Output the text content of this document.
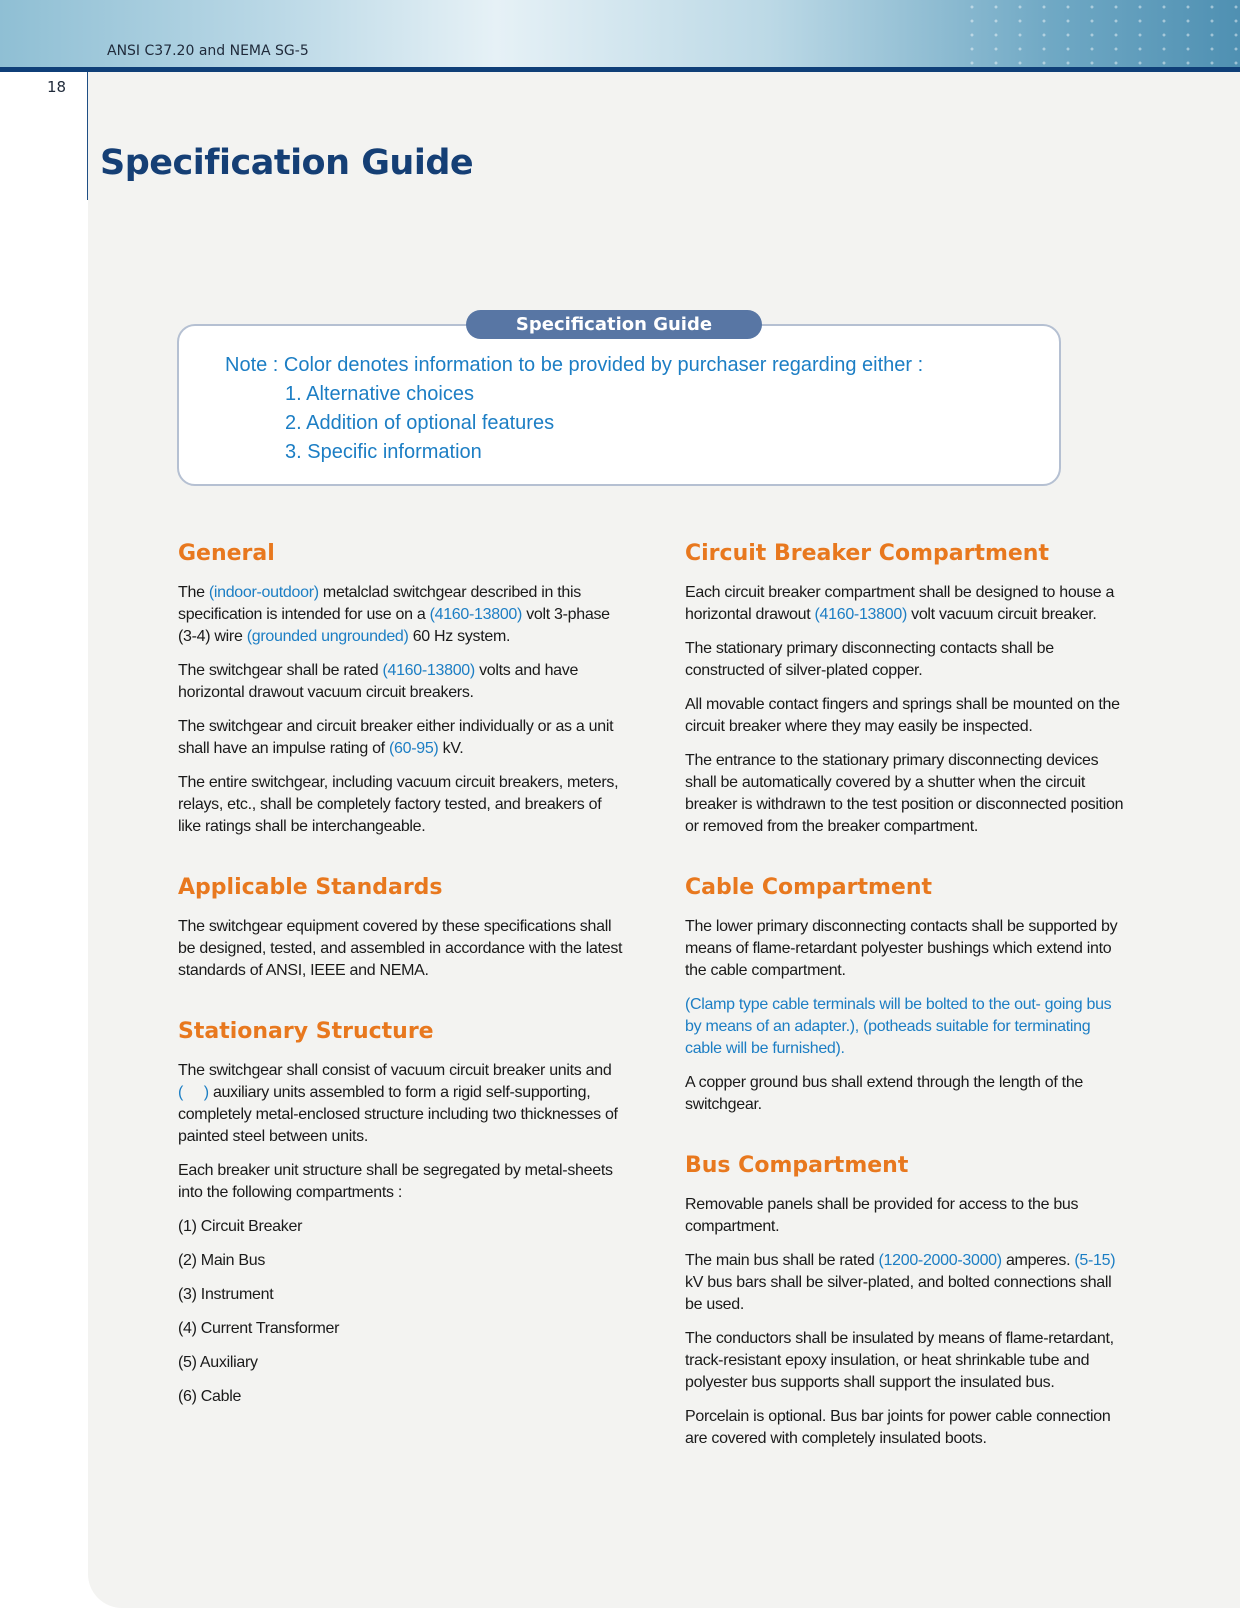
ANSI C37.20 and NEMA SG-5
18
Specification Guide
Specification Guide
Note : Color denotes information to be provided by purchaser regarding either :
1. Alternative choices
2. Addition of optional features
3. Specific information
General

The (indoor-outdoor) metalclad switchgear described in this specification is intended for use on a (4160-13800) volt 3-phase (3-4) wire (grounded ungrounded) 60 Hz system.

The switchgear shall be rated (4160-13800) volts and have horizontal drawout vacuum circuit breakers.

The switchgear and circuit breaker either individually or as a unit shall have an impulse rating of (60-95) kV.

The entire switchgear, including vacuum circuit breakers, meters, relays, etc., shall be completely factory tested, and breakers of like ratings shall be interchangeable.

Applicable Standards

The switchgear equipment covered by these specifications shall be designed, tested, and assembled in accordance with the latest standards of ANSI, IEEE and NEMA.

Stationary Structure

The switchgear shall consist of vacuum circuit breaker units and (     ) auxiliary units assembled to form a rigid self-supporting, completely metal-enclosed structure including two thicknesses of painted steel between units.

Each breaker unit structure shall be segregated by metal-sheets into the following compartments :

(1) Circuit Breaker

(2) Main Bus

(3) Instrument

(4) Current Transformer

(5) Auxiliary

(6) Cable

Circuit Breaker Compartment

Each circuit breaker compartment shall be designed to house a horizontal drawout (4160-13800) volt vacuum circuit breaker.

The stationary primary disconnecting contacts shall be constructed of silver-plated copper.

All movable contact fingers and springs shall be mounted on the circuit breaker where they may easily be inspected.

The entrance to the stationary primary disconnecting devices shall be automatically covered by a shutter when the circuit breaker is withdrawn to the test position or disconnected position or removed from the breaker compartment.

Cable Compartment

The lower primary disconnecting contacts shall be supported by means of flame-retardant polyester bushings which extend into the cable compartment.

(Clamp type cable terminals will be bolted to the out- going bus by means of an adapter.), (potheads suitable for terminating cable will be furnished).

A copper ground bus shall extend through the length of the switchgear.

Bus Compartment

Removable panels shall be provided for access to the bus compartment.

The main bus shall be rated (1200-2000-3000) amperes. (5-15) kV bus bars shall be silver-plated, and bolted connections shall be used.

The conductors shall be insulated by means of flame-retardant, track-resistant epoxy insulation, or heat shrinkable tube and polyester bus supports shall support the insulated bus.

Porcelain is optional. Bus bar joints for power cable connection are covered with completely insulated boots.
